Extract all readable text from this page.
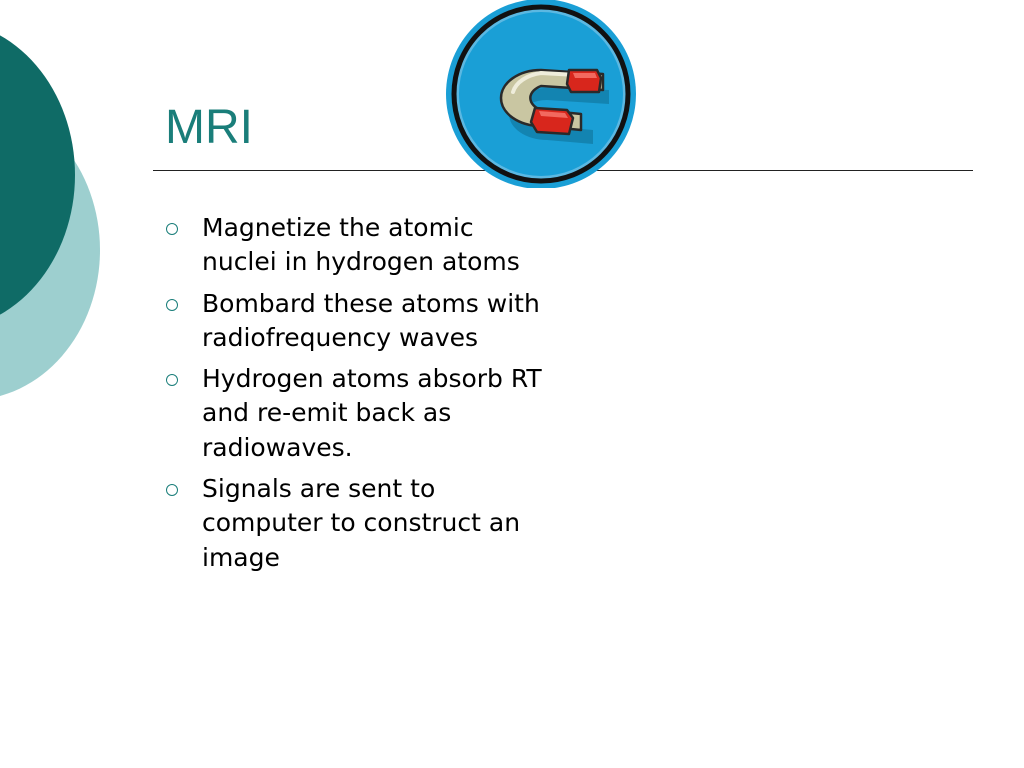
MRI
Magnetize the atomic nuclei in hydrogen atoms
Bombard these atoms with radiofrequency waves
Hydrogen atoms absorb RT and re-emit back as radiowaves.
Signals are sent to computer to construct an image
